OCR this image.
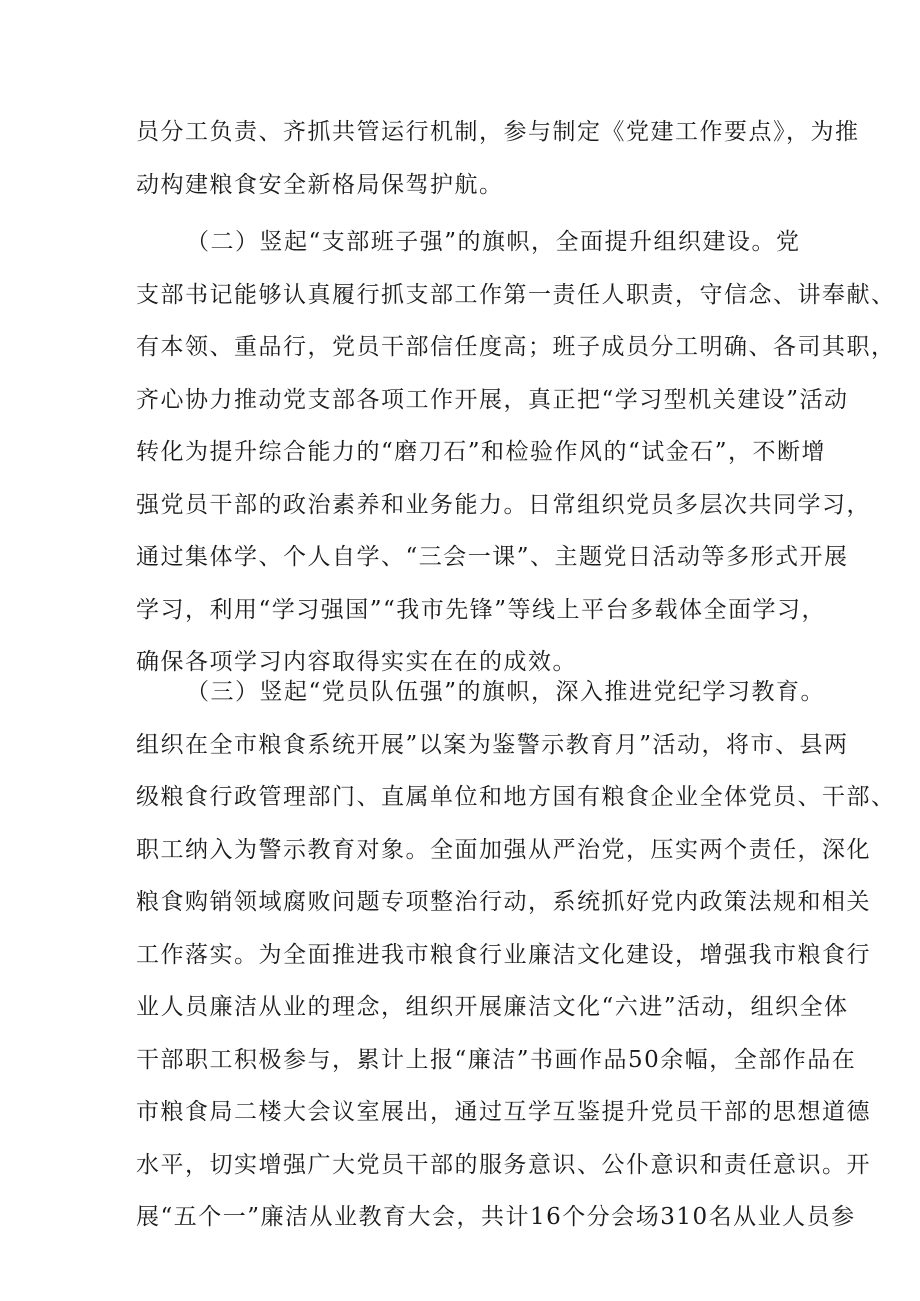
员分工负责、齐抓共管运行机制，参与制定《党建工作要点》，为推
动构建粮食安全新格局保驾护航。

（二）竖起“支部班子强”的旗帜，全面提升组织建设。党
支部书记能够认真履行抓支部工作第一责任人职责，守信念、讲奉献、
有本领、重品行，党员干部信任度高；班子成员分工明确、各司其职，
齐心协力推动党支部各项工作开展，真正把“学习型机关建设”活动
转化为提升综合能力的“磨刀石”和检验作风的“试金石”，不断增
强党员干部的政治素养和业务能力。日常组织党员多层次共同学习，
通过集体学、个人自学、“三会一课”、主题党日活动等多形式开展
学习，利用“学习强国”“我市先锋”等线上平台多载体全面学习，
确保各项学习内容取得实实在在的成效。

（三）竖起“党员队伍强”的旗帜，深入推进党纪学习教育。
组织在全市粮食系统开展”以案为鉴警示教育月”活动，将市、县两
级粮食行政管理部门、直属单位和地方国有粮食企业全体党员、干部、
职工纳入为警示教育对象。全面加强从严治党，压实两个责任，深化
粮食购销领域腐败问题专项整治行动，系统抓好党内政策法规和相关
工作落实。为全面推进我市粮食行业廉洁文化建设，增强我市粮食行
业人员廉洁从业的理念，组织开展廉洁文化“六进”活动，组织全体
干部职工积极参与，累计上报“廉洁”书画作品50余幅，全部作品在
市粮食局二楼大会议室展出，通过互学互鉴提升党员干部的思想道德
水平，切实增强广大党员干部的服务意识、公仆意识和责任意识。开
展“五个一”廉洁从业教育大会，共计16个分会场310名从业人员参
